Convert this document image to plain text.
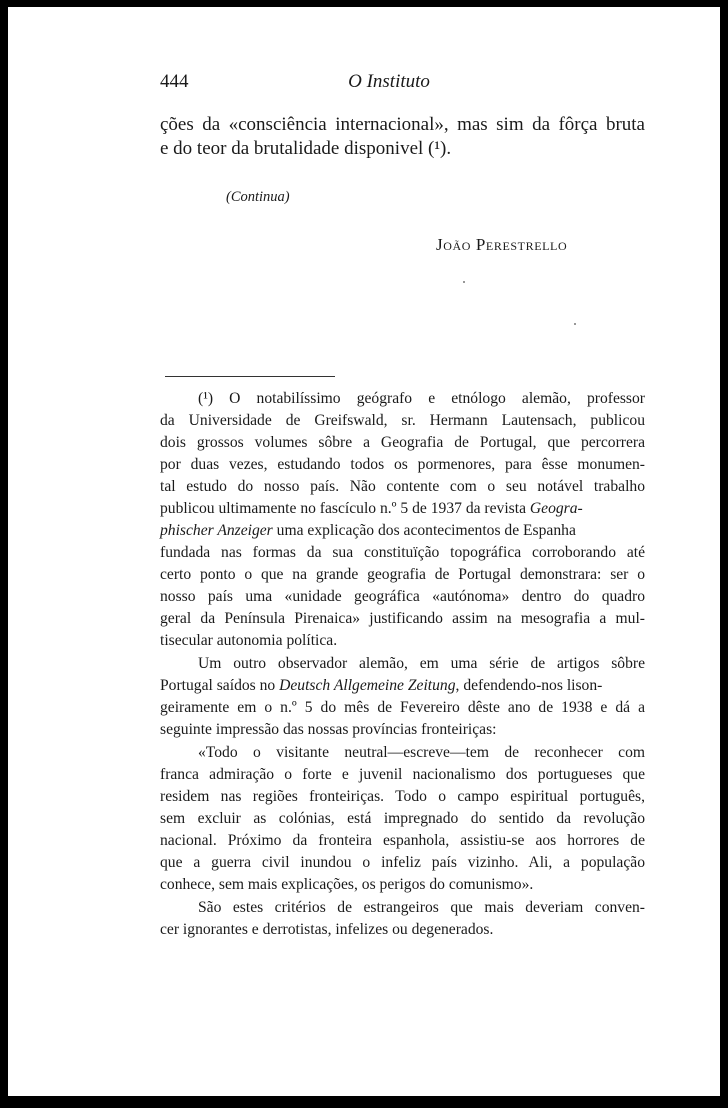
444	O Instituto
ções da «consciência internacional», mas sim da fôrça bruta
e do teor da brutalidade disponivel (¹).
(Continua)
João Perestrello
(¹) O notabilíssimo geógrafo e etnólogo alemão, professor
da Universidade de Greifswald, sr. Hermann Lautensach, publicou
dois grossos volumes sôbre a Geografia de Portugal, que percorrera
por duas vezes, estudando todos os pormenores, para êsse monumen-
tal estudo do nosso país. Não contente com o seu notável trabalho
publicou ultimamente no fascículo n.º 5 de 1937 da revista Geogra-
phischer Anzeiger uma explicação dos acontecimentos de Espanha
fundada nas formas da sua constituïção topográfica corroborando até
certo ponto o que na grande geografia de Portugal demonstrara: ser o
nosso país uma «unidade geográfica «autónoma» dentro do quadro
geral da Península Pirenaica» justificando assim na mesografia a mul-
tisecular autonomia política.
Um outro observador alemão, em uma série de artigos sôbre
Portugal saídos no Deutsch Allgemeine Zeitung, defendendo-nos lison-
geiramente em o n.º 5 do mês de Fevereiro dêste ano de 1938 e dá a
seguinte impressão das nossas províncias fronteiriças:
«Todo o visitante neutral—escreve—tem de reconhecer com
franca admiração o forte e juvenil nacionalismo dos portugueses que
residem nas regiões fronteiriças. Todo o campo espiritual português,
sem excluir as colónias, está impregnado do sentido da revolução
nacional. Próximo da fronteira espanhola, assistiu-se aos horrores de
que a guerra civil inundou o infeliz país vizinho. Ali, a população
conhece, sem mais explicações, os perigos do comunismo».
São estes critérios de estrangeiros que mais deveriam conven-
cer ignorantes e derrotistas, infelizes ou degenerados.
